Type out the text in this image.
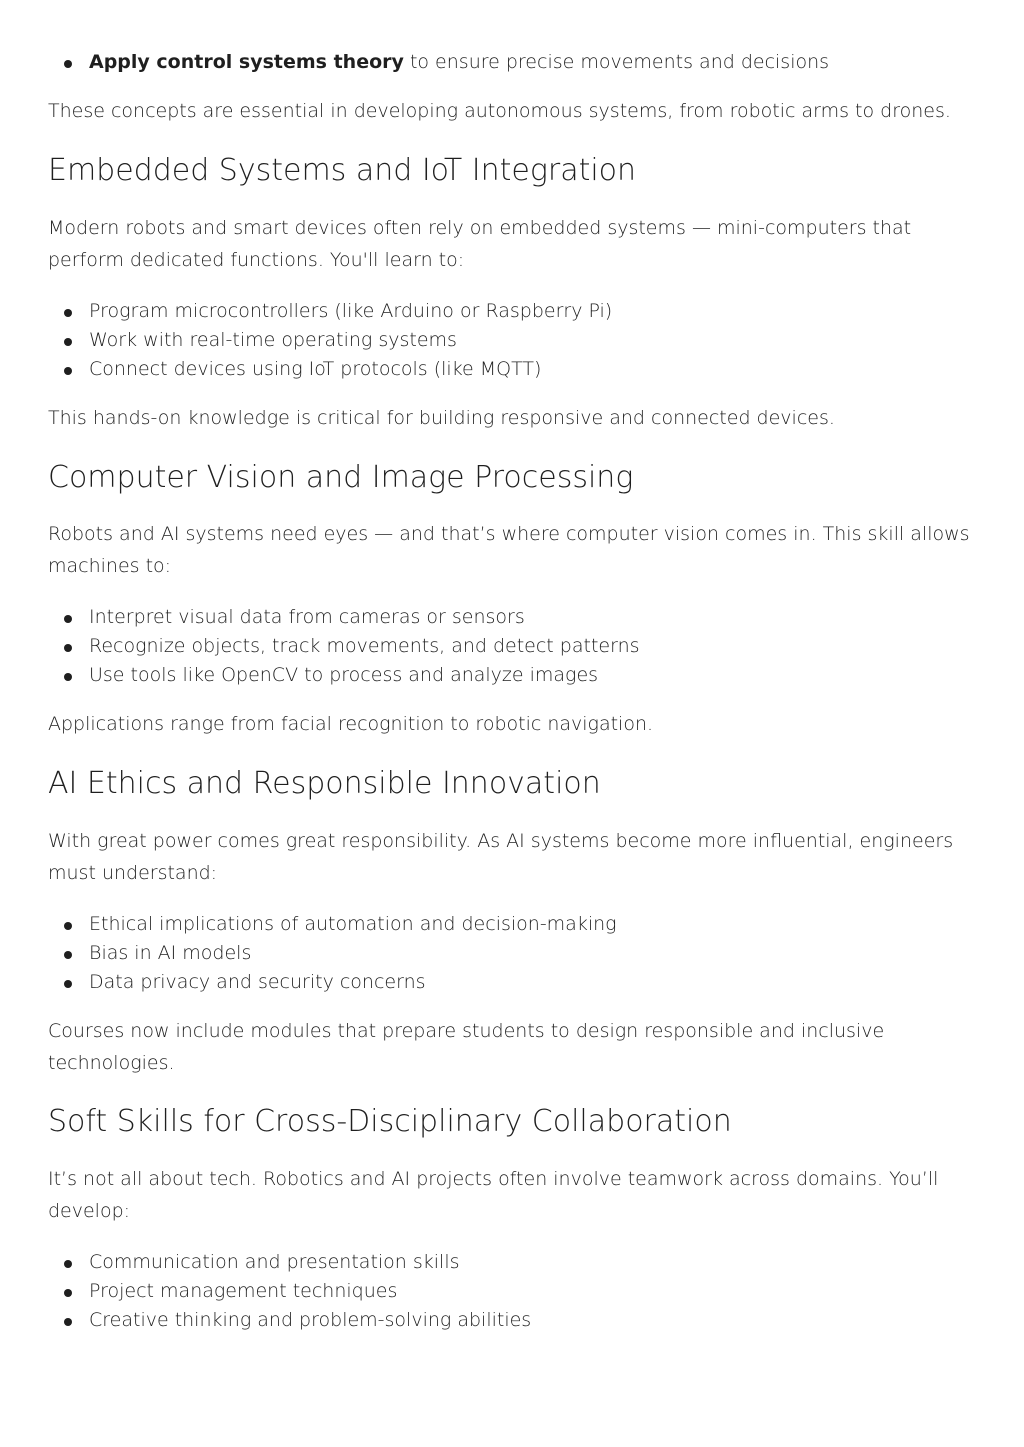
Apply control systems theory to ensure precise movements and decisions

These concepts are essential in developing autonomous systems, from robotic arms to drones.

Embedded Systems and IoT Integration

Modern robots and smart devices often rely on embedded systems — mini-computers that perform dedicated functions. You'll learn to:

Program microcontrollers (like Arduino or Raspberry Pi)
Work with real-time operating systems
Connect devices using IoT protocols (like MQTT)

This hands-on knowledge is critical for building responsive and connected devices.

Computer Vision and Image Processing

Robots and AI systems need eyes — and that’s where computer vision comes in. This skill allows machines to:

Interpret visual data from cameras or sensors
Recognize objects, track movements, and detect patterns
Use tools like OpenCV to process and analyze images

Applications range from facial recognition to robotic navigation.

AI Ethics and Responsible Innovation

With great power comes great responsibility. As AI systems become more influential, engineers must understand:

Ethical implications of automation and decision-making
Bias in AI models
Data privacy and security concerns

Courses now include modules that prepare students to design responsible and inclusive technologies.

Soft Skills for Cross-Disciplinary Collaboration

It’s not all about tech. Robotics and AI projects often involve teamwork across domains. You’ll develop:

Communication and presentation skills
Project management techniques
Creative thinking and problem-solving abilities
